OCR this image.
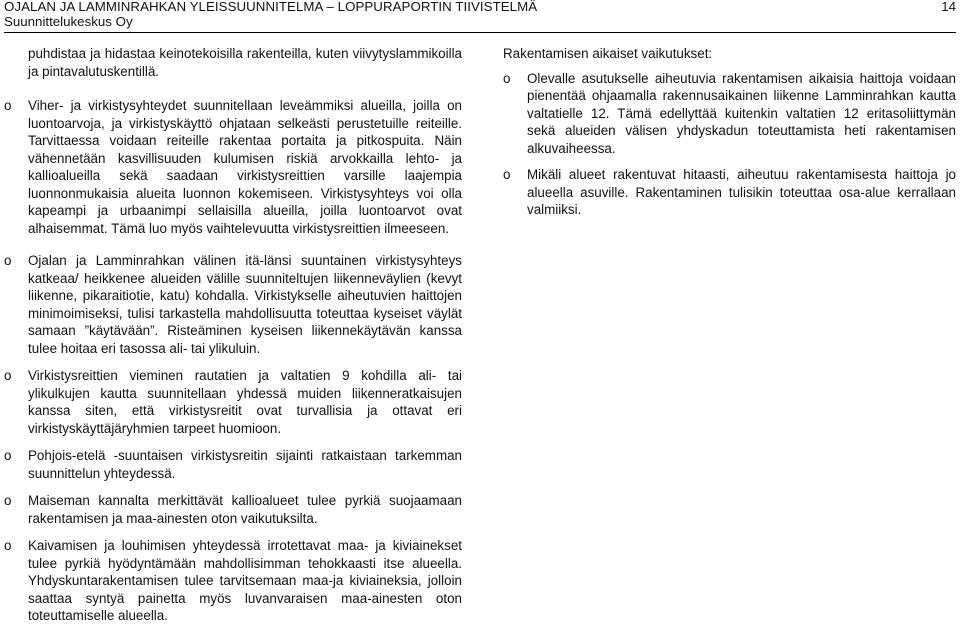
OJALAN JA LAMMINRAHKAN YLEISSUUNNITELMA – LOPPURAPORTIN TIIVISTELMÄ
Suunnittelukeskus Oy
14
puhdistaa ja hidastaa keinotekoisilla rakenteilla, kuten viivytyslammikoilla ja pintavalutuskentillä.
o Viher- ja virkistysyhteydet suunnitellaan leveämmiksi alueilla, joilla on luontoarvoja, ja virkistyskäyttö ohjataan selkeästi perustetuille reiteille. Tarvittaessa voidaan reiteille rakentaa portaita ja pitkospuita. Näin vähennetään kasvillisuuden kulumisen riskiä arvokkailla lehto- ja kallioalueilla sekä saadaan virkistysreittien varsille laajempia luonnonmukaisia alueita luonnon kokemiseen. Virkistysyhteys voi olla kapeampi ja urbaanimpi sellaisilla alueilla, joilla luontoarvot ovat alhaisemmat. Tämä luo myös vaihtelevuutta virkistysreittien ilmeeseen.
o Ojalan ja Lamminrahkan välinen itä-länsi suuntainen virkistysyhteys katkeaa/ heikkenee alueiden välille suunniteltujen liikenneväylien (kevyt liikenne, pikaraitiotie, katu) kohdalla. Virkistykselle aiheutuvien haittojen minimoimiseksi, tulisi tarkastella mahdollisuutta toteuttaa kyseiset väylät samaan ”käytävään”. Risteäminen kyseisen liikennekäytävän kanssa tulee hoitaa eri tasossa ali- tai ylikuluin.
o Virkistysreittien vieminen rautatien ja valtatien 9 kohdilla ali- tai ylikulkujen kautta suunnitellaan yhdessä muiden liikenneratkaisujen kanssa siten, että virkistysreitit ovat turvallisia ja ottavat eri virkistyskäyttäjäryhmien tarpeet huomioon.
o Pohjois-etelä -suuntaisen virkistysreitin sijainti ratkaistaan tarkemman suunnittelun yhteydessä.
o Maiseman kannalta merkittävät kallioalueet tulee pyrkiä suojaamaan rakentamisen ja maa-ainesten oton vaikutuksilta.
o Kaivamisen ja louhimisen yhteydessä irrotettavat maa- ja kiviainekset tulee pyrkiä hyödyntämään mahdollisimman tehokkaasti itse alueella. Yhdyskuntarakentamisen tulee tarvitsemaan maa-ja kiviaineksia, jolloin saattaa syntyä painetta myös luvanvaraisen maa-ainesten oton toteuttamiselle alueella.
Rakentamisen aikaiset vaikutukset:
o Olevalle asutukselle aiheutuvia rakentamisen aikaisia haittoja voidaan pienentää ohjaamalla rakennusaikainen liikenne Lamminrahkan kautta valtatielle 12. Tämä edellyttää kuitenkin valtatien 12 eritasoliittymän sekä alueiden välisen yhdyskadun toteuttamista heti rakentamisen alkuvaiheessa.
o Mikäli alueet rakentuvat hitaasti, aiheutuu rakentamisesta haittoja jo alueella asuville. Rakentaminen tulisikin toteuttaa osa-alue kerrallaan valmiiksi.
